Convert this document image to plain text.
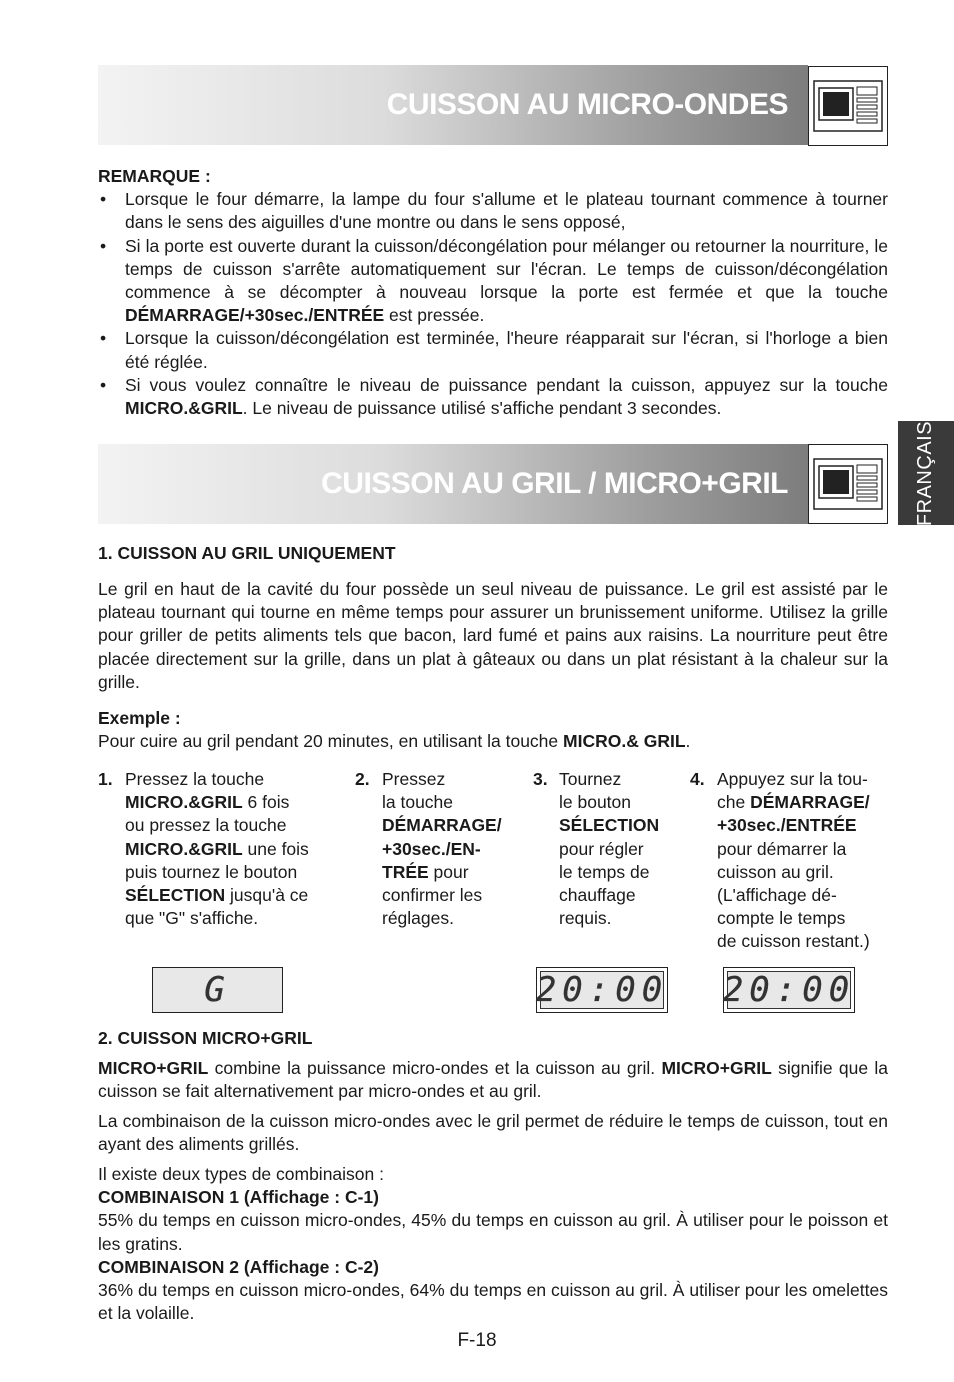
CUISSON AU MICRO-ONDES
REMARQUE :
• Lorsque le four démarre, la lampe du four s'allume et le plateau tournant commence à tourner dans le sens des aiguilles d'une montre ou dans le sens opposé,
• Si la porte est ouverte durant la cuisson/décongélation pour mélanger ou retourner la nourriture, le temps de cuisson s'arrête automatiquement sur l'écran. Le temps de cuisson/décongélation commence à se décompter à nouveau lorsque la porte est fermée et que la touche DÉMARRAGE/+30sec./ENTRÉE est pressée.
• Lorsque la cuisson/décongélation est terminée, l'heure réapparait sur l'écran, si l'horloge a bien été réglée.
• Si vous voulez connaître le niveau de puissance pendant la cuisson, appuyez sur la touche MICRO.&GRIL. Le niveau de puissance utilisé s'affiche pendant 3 secondes.
CUISSON AU GRIL / MICRO+GRIL	FRANÇAIS
1. CUISSON AU GRIL UNIQUEMENT
Le gril en haut de la cavité du four possède un seul niveau de puissance. Le gril est assisté par le plateau tournant qui tourne en même temps pour assurer un brunissement uniforme. Utilisez la grille pour griller de petits aliments tels que bacon, lard fumé et pains aux raisins. La nourriture peut être placée directement sur la grille, dans un plat à gâteaux ou dans un plat résistant à la chaleur sur la grille.
Exemple :
Pour cuire au gril pendant 20 minutes, en utilisant la touche MICRO.& GRIL.
1. Pressez la touche
MICRO.&GRIL 6 fois
ou pressez la touche
MICRO.&GRIL une fois
puis tournez le bouton
SÉLECTION jusqu'à ce
que "G" s'affiche.
2. Pressez
la touche
DÉMARRAGE/
+30sec./EN-
TRÉE pour
confirmer les
réglages.
3. Tournez
le bouton
SÉLECTION
pour régler
le temps de
chauffage
requis.
4. Appuyez sur la tou-
che DÉMARRAGE/
+30sec./ENTRÉE
pour démarrer la
cuisson au gril.
(L'affichage dé-
compte le temps
de cuisson restant.)
G	20:00 20:00
2. CUISSON MICRO+GRIL
MICRO+GRIL combine la puissance micro-ondes et la cuisson au gril. MICRO+GRIL signifie que la cuisson se fait alternativement par micro-ondes et au gril.
La combinaison de la cuisson micro-ondes avec le gril permet de réduire le temps de cuisson, tout en ayant des aliments grillés.
Il existe deux types de combinaison :
COMBINAISON 1 (Affichage : C-1)
55% du temps en cuisson micro-ondes, 45% du temps en cuisson au gril. À utiliser pour le poisson et les gratins.
COMBINAISON 2 (Affichage : C-2)
36% du temps en cuisson micro-ondes, 64% du temps en cuisson au gril. À utiliser pour les omelettes et la volaille.
F-18
